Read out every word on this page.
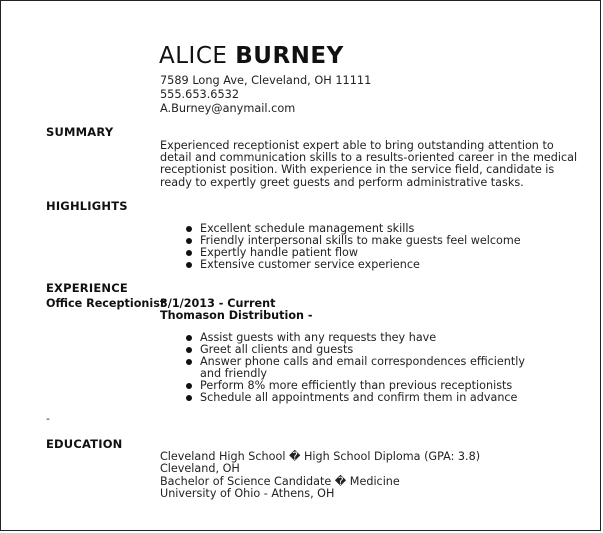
ALICE BURNEY
7589 Long Ave, Cleveland, OH 11111
555.653.6532
A.Burney@anymail.com
SUMMARY
Experienced receptionist expert able to bring outstanding attention to detail and communication skills to a results-oriented career in the medical receptionist position. With experience in the service field, candidate is ready to expertly greet guests and perform administrative tasks.
HIGHLIGHTS
Excellent schedule management skills
Friendly interpersonal skills to make guests feel welcome
Expertly handle patient flow
Extensive customer service experience
EXPERIENCE
Office Receptionist
3/1/2013 - Current
Thomason Distribution -
Assist guests with any requests they have
Greet all clients and guests
Answer phone calls and email correspondences efficiently and friendly
Perform 8% more efficiently than previous receptionists
Schedule all appointments and confirm them in advance
-
EDUCATION
Cleveland High School � High School Diploma (GPA: 3.8)
Cleveland, OH
Bachelor of Science Candidate � Medicine
University of Ohio - Athens, OH
